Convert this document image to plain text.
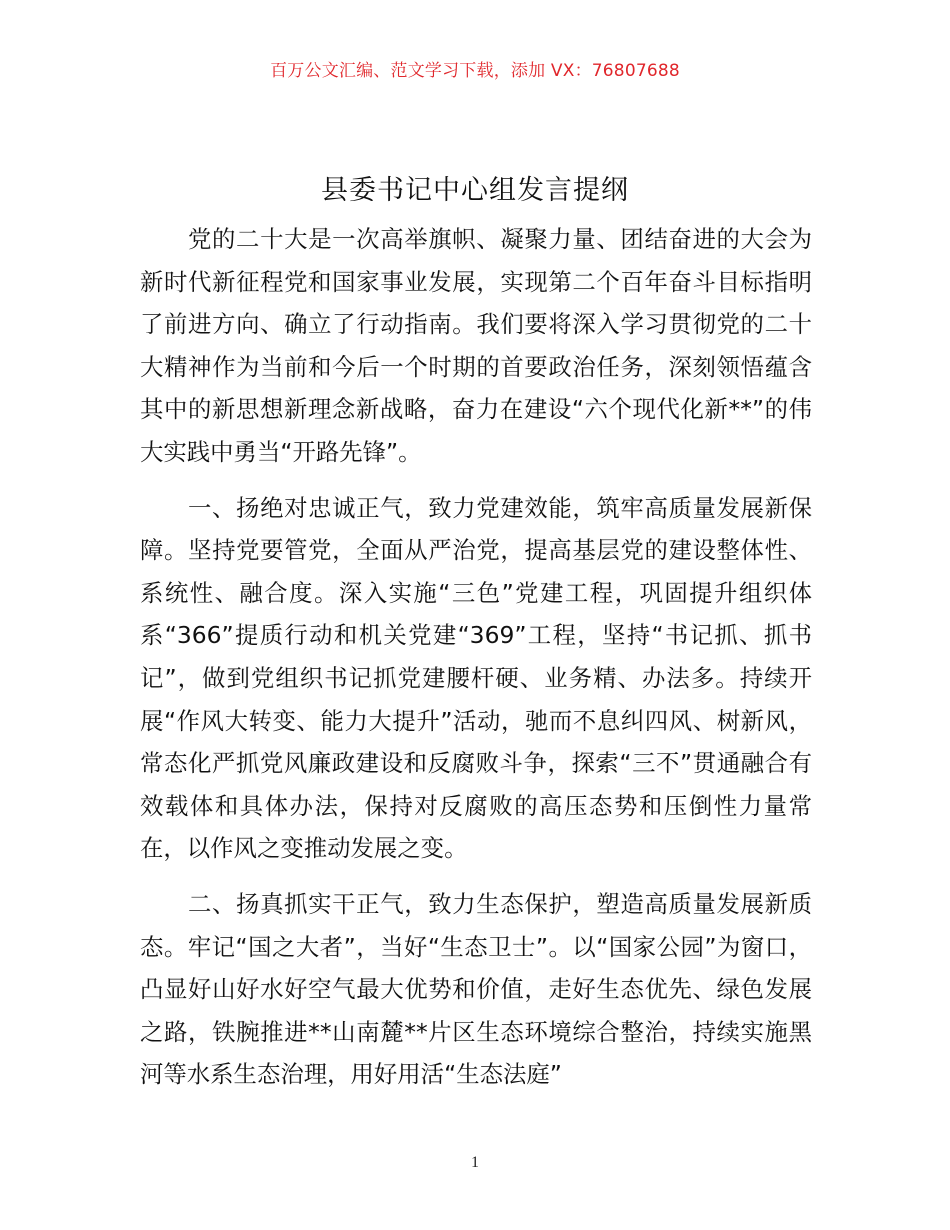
百万公文汇编、范文学习下载，添加 VX：76807688
县委书记中心组发言提纲

党的二十大是一次高举旗帜、凝聚力量、团结奋进的大会为新时代新征程党和国家事业发展，实现第二个百年奋斗目标指明了前进方向、确立了行动指南。我们要将深入学习贯彻党的二十大精神作为当前和今后一个时期的首要政治任务，深刻领悟蕴含其中的新思想新理念新战略，奋力在建设“六个现代化新**”的伟大实践中勇当“开路先锋”。

一、扬绝对忠诚正气，致力党建效能，筑牢高质量发展新保障。坚持党要管党，全面从严治党，提高基层党的建设整体性、系统性、融合度。深入实施“三色”党建工程，巩固提升组织体系“366”提质行动和机关党建“369”工程，坚持“书记抓、抓书记”，做到党组织书记抓党建腰杆硬、业务精、办法多。持续开展“作风大转变、能力大提升”活动，驰而不息纠四风、树新风，常态化严抓党风廉政建设和反腐败斗争，探索“三不”贯通融合有效载体和具体办法，保持对反腐败的高压态势和压倒性力量常在，以作风之变推动发展之变。

二、扬真抓实干正气，致力生态保护，塑造高质量发展新质态。牢记“国之大者”，当好“生态卫士”。以“国家公园”为窗口，凸显好山好水好空气最大优势和价值，走好生态优先、绿色发展之路，铁腕推进**山南麓**片区生态环境综合整治，持续实施黑河等水系生态治理，用好用活“生态法庭”

1
